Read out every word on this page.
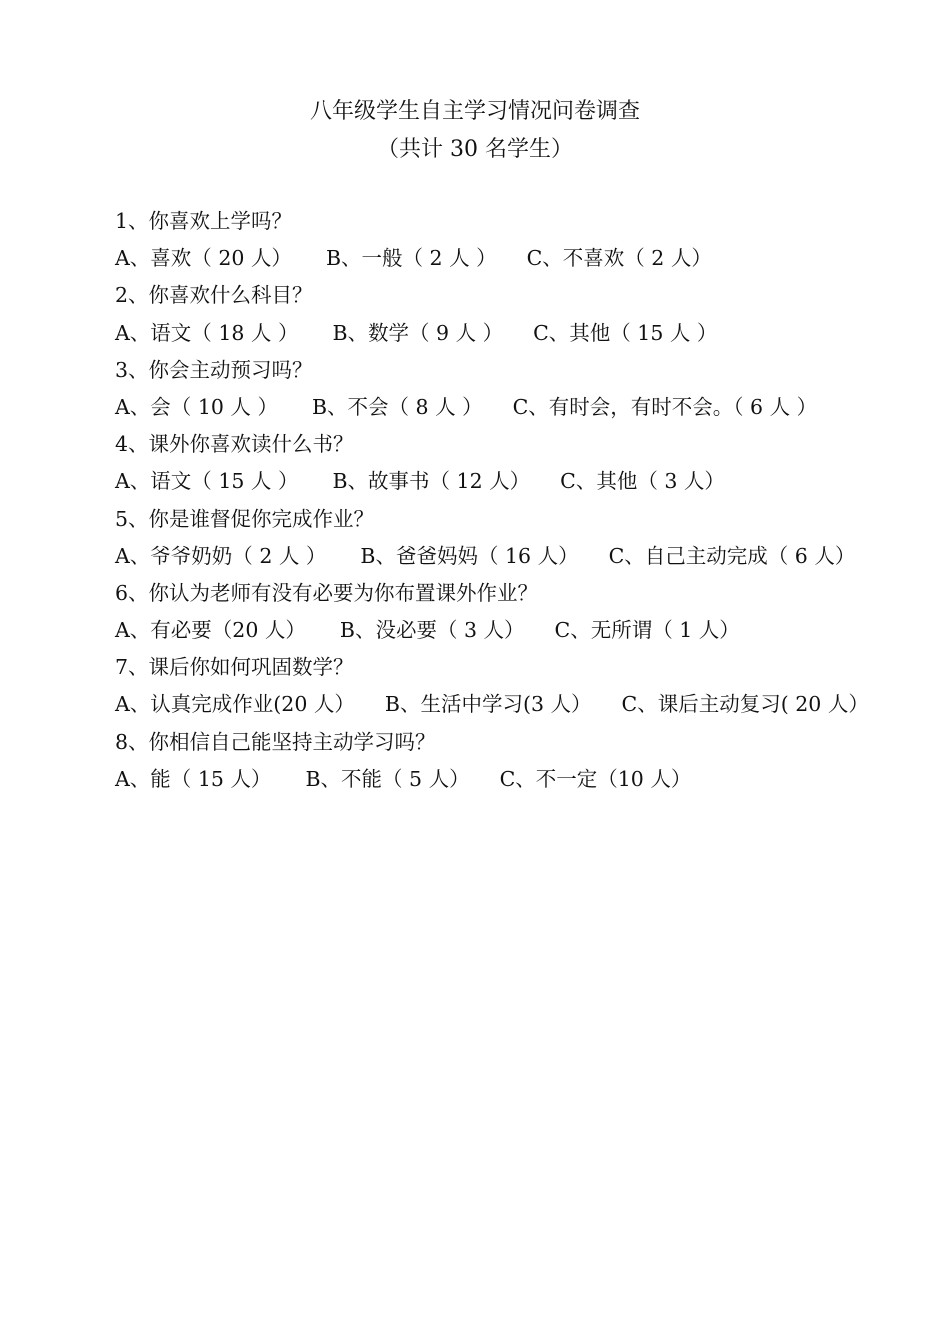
八年级学生自主学习情况问卷调查
（共计 30 名学生）
1、你喜欢上学吗？
A、喜欢（ 20 人） B、一般（ 2 人 ） C、不喜欢（ 2 人）
2、你喜欢什么科目？
A、语文（ 18 人 ） B、数学（ 9 人 ） C、其他（ 15 人 ）
3、你会主动预习吗？
A、会（ 10 人 ） B、不会（ 8 人 ） C、有时会，有时不会。（ 6 人 ）
4、课外你喜欢读什么书？
A、语文（ 15 人 ） B、故事书（ 12 人） C、其他（ 3 人）
5、你是谁督促你完成作业？
A、爷爷奶奶（ 2 人 ） B、爸爸妈妈（ 16 人） C、自己主动完成（ 6 人）
6、你认为老师有没有必要为你布置课外作业？
A、有必要（20 人） B、没必要（ 3 人） C、无所谓（ 1 人）
7、课后你如何巩固数学？
A、认真完成作业(20 人） B、生活中学习(3 人） C、课后主动复习( 20 人）
8、你相信自己能坚持主动学习吗？
A、能（ 15 人） B、不能（ 5 人） C、不一定（10 人）
